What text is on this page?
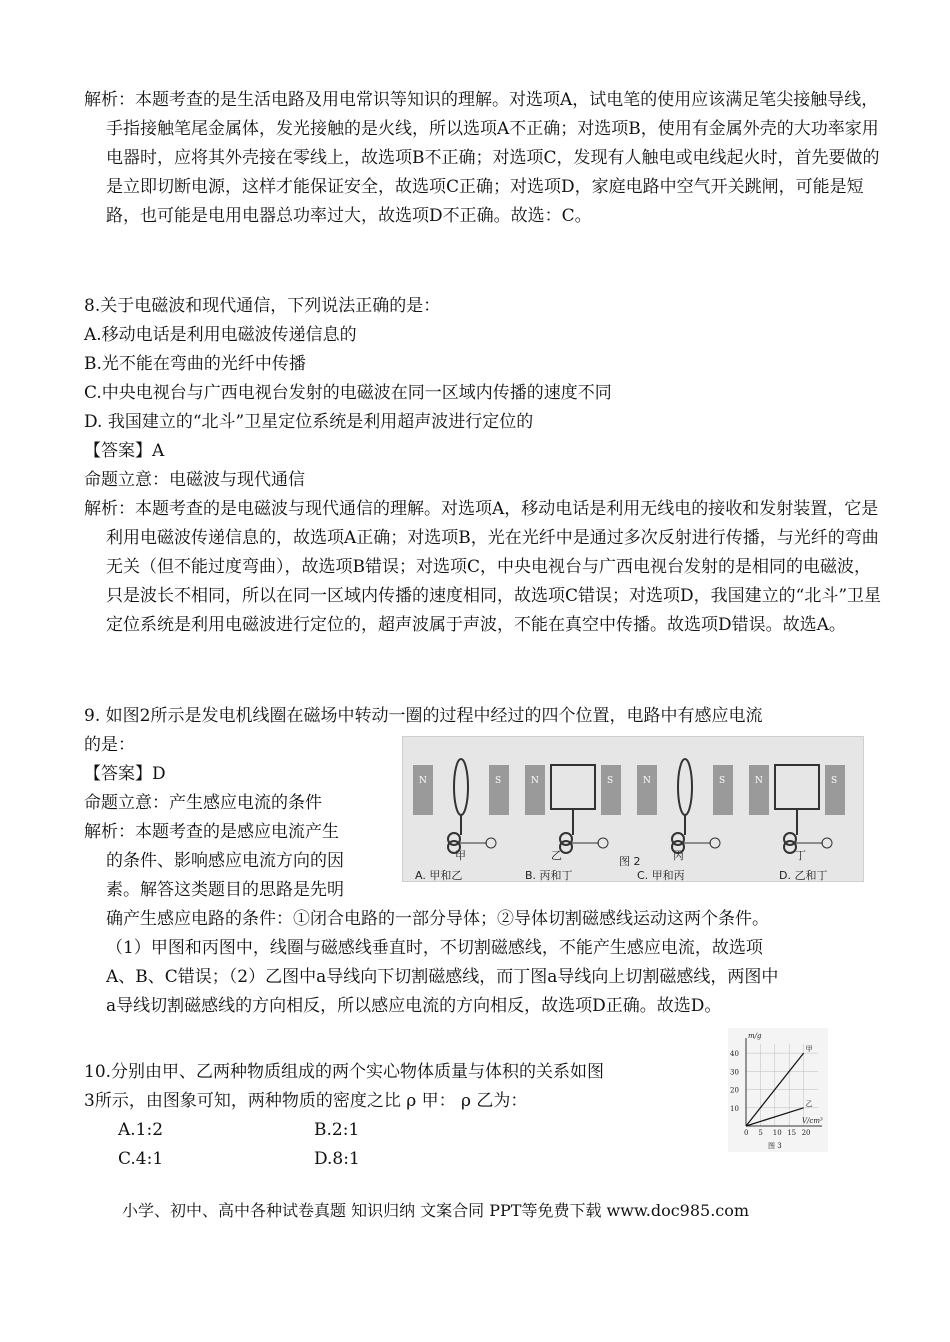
解析：本题考查的是生活电路及用电常识等知识的理解。对选项A，试电笔的使用应该满足笔尖接触导线，手指接触笔尾金属体，发光接触的是火线，所以选项A不正确；对选项B，使用有金属外壳的大功率家用电器时，应将其外壳接在零线上，故选项B不正确；对选项C，发现有人触电或电线起火时，首先要做的是立即切断电源，这样才能保证安全，故选项C正确；对选项D，家庭电路中空气开关跳闸，可能是短路，也可能是电用电器总功率过大，故选项D不正确。故选：C。
8.关于电磁波和现代通信，下列说法正确的是：
A.移动电话是利用电磁波传递信息的
B.光不能在弯曲的光纤中传播
C.中央电视台与广西电视台发射的电磁波在同一区域内传播的速度不同
D. 我国建立的“北斗”卫星定位系统是利用超声波进行定位的
【答案】A
命题立意：电磁波与现代通信
解析：本题考查的是电磁波与现代通信的理解。对选项A，移动电话是利用无线电的接收和发射装置，它是利用电磁波传递信息的，故选项A正确；对选项B，光在光纤中是通过多次反射进行传播，与光纤的弯曲无关（但不能过度弯曲），故选项B错误；对选项C，中央电视台与广西电视台发射的是相同的电磁波，只是波长不相同，所以在同一区域内传播的速度相同，故选项C错误；对选项D，我国建立的“北斗”卫星定位系统是利用电磁波进行定位的，超声波属于声波，不能在真空中传播。故选项D错误。故选A。
9. 如图2所示是发电机线圈在磁场中转动一圈的过程中经过的四个位置，电路中有感应电流
的是：
【答案】D
命题立意：产生感应电流的条件
解析：本题考查的是感应电流产生
的条件、影响感应电流方向的因
素。解答这类题目的思路是先明
确产生感应电路的条件：①闭合电路的一部分导体；②导体切割磁感线运动这两个条件。
（1）甲图和丙图中，线圈与磁感线垂直时，不切割磁感线，不能产生感应电流，故选项
A、B、C错误；（2）乙图中a导线向下切割磁感线，而丁图a导线向上切割磁感线，两图中
a导线切割磁感线的方向相反，所以感应电流的方向相反，故选项D正确。故选D。
N	S
甲
N	S
乙
N	S
丙
N	S
丁
图 2
A. 甲和乙	B. 丙和丁	C. 甲和丙	D. 乙和丁
10.分别由甲、乙两种物质组成的两个实心物体质量与体积的关系如图
3所示，由图象可知，两种物质的密度之比 ρ 甲： ρ 乙为：
A.1:2	B.2:1
C.4:1	D.8:1
0 5 10 15 20
10
20
30
40
m/g
V/cm³
甲
乙
图 3
小学、初中、高中各种试卷真题 知识归纳 文案合同 PPT等免费下载 www.doc985.com
